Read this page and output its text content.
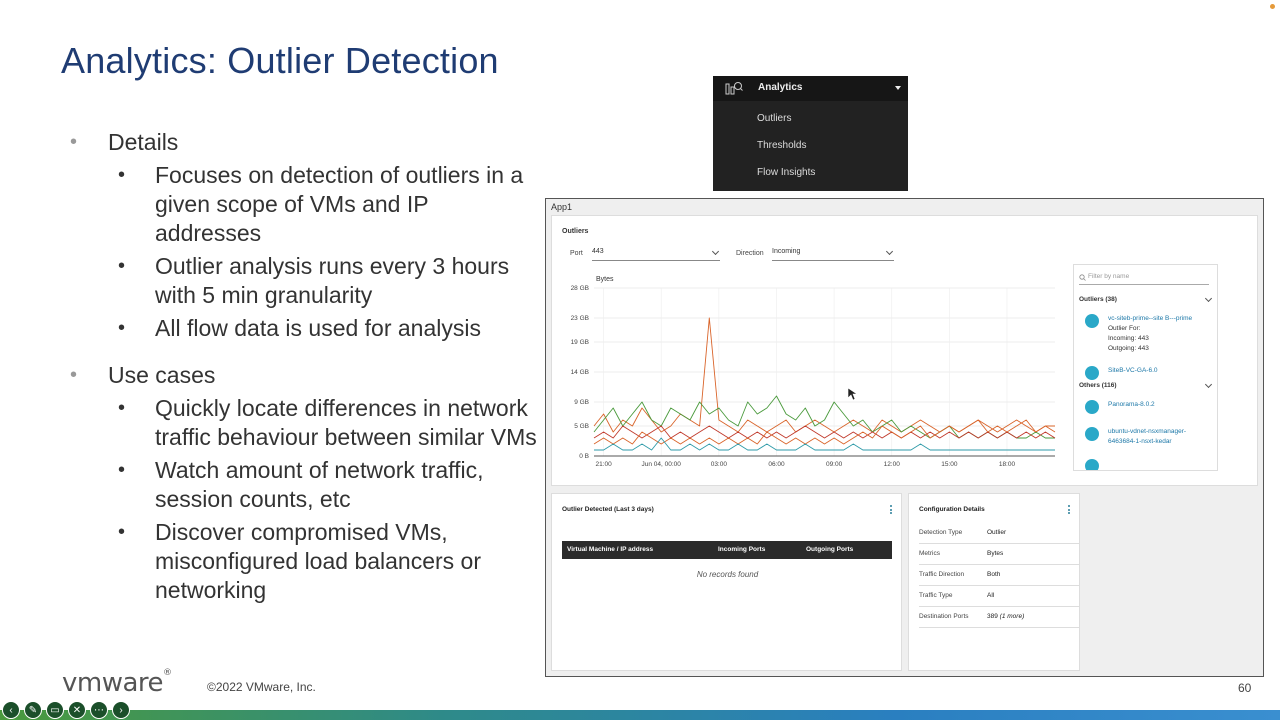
Analytics: Outlier Detection
• Details
• Focuses on detection of outliers in a given scope of VMs and IP addresses
• Outlier analysis runs every 3 hours with 5 min granularity
• All flow data is used for analysis
• Use cases
• Quickly locate differences in network traffic behaviour between similar VMs
• Watch amount of network traffic, session counts, etc
• Discover compromised VMs, misconfigured load balancers or networking
vmware®
©2022 VMware, Inc.	60
Analytics
Outliers
Thresholds
Flow Insights
App1
Outliers
Port 443	Direction Incoming
Bytes
28 GB
23 GB
19 GB
14 GB
9 GB
5 GB
0 B
21:00	Jun 04, 00:00	03:00	06:00	09:00	12:00	15:00	18:00
Filter by name
Outliers (38)
vc-siteb-prime--site B---prime
Outlier For:
Incoming: 443
Outgoing: 443
SiteB-VC-GA-6.0
Others (116)
Panorama-8.0.2
ubuntu-vdnet-nsxmanager-
6463684-1-nsxt-kedar
Outlier Detected (Last 3 days)
Virtual Machine / IP address	Incoming Ports	Outgoing Ports
No records found
Configuration Details
Detection Type	Outlier
Metrics	Bytes
Traffic Direction	Both
Traffic Type	All
Destination Ports	389 (1 more)
‹	✎	▭	✕	⋯	›
